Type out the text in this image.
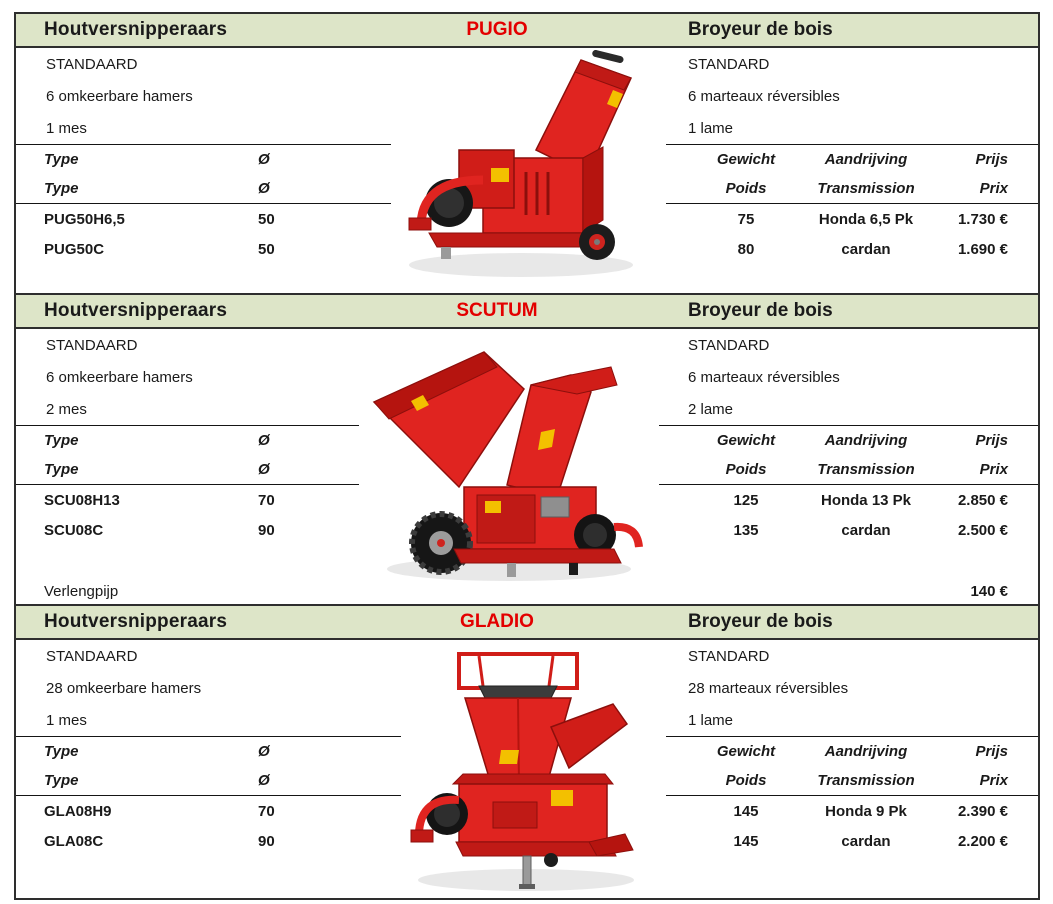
Houtversnipperaars	PUGIO	Broyeur de bois
STANDAARD	STANDARD
6 omkeerbare hamers	6 marteaux réversibles
1 mes	1 lame
Type	Ø	Gewicht	Aandrijving	Prijs
Type	Ø	Poids	Transmission	Prix
PUG50H6,5	50	75	Honda 6,5 Pk	1.730 €
PUG50C	50	80	cardan	1.690 €
Houtversnipperaars	SCUTUM	Broyeur de bois
STANDAARD	STANDARD
6 omkeerbare hamers	6 marteaux réversibles
2 mes	2 lame
Type	Ø	Gewicht	Aandrijving	Prijs
Type	Ø	Poids	Transmission	Prix
SCU08H13	70	125	Honda 13 Pk	2.850 €
SCU08C	90	135	cardan	2.500 €
Verlengpijp	140 €
Houtversnipperaars	GLADIO	Broyeur de bois
STANDAARD	STANDARD
28 omkeerbare hamers	28 marteaux réversibles
1 mes	1 lame
Type	Ø	Gewicht	Aandrijving	Prijs
Type	Ø	Poids	Transmission	Prix
GLA08H9	70	145	Honda 9 Pk	2.390 €
GLA08C	90	145	cardan	2.200 €
